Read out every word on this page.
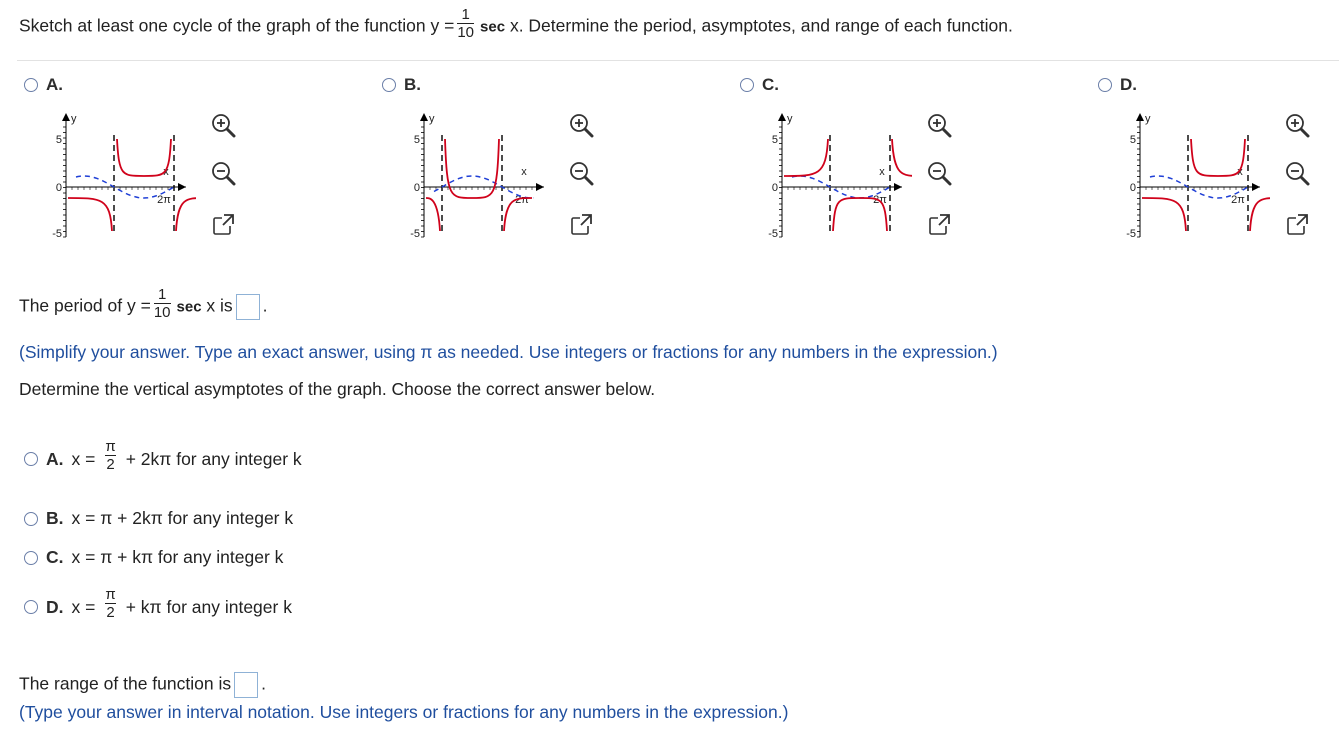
Sketch at least one cycle of the graph of the function $y = \frac{1}{10}$ sec x. Determine the period, asymptotes, and range of each function.
A.
y
5
0
-5
x
2π
B.
y
5
0
-5
x
2π
C.
y
5
0
-5
x
2π
D.
y
5
0
-5
x
2π
The period of $y = \frac{1}{10}$ sec x is .
(Simplify your answer. Type an exact answer, using π as needed. Use integers or fractions for any numbers in the expression.)
Determine the vertical asymptotes of the graph. Choose the correct answer below.
A. $x = \frac{\pi}{2} + 2k\pi$ for any integer k
B. x = π + 2kπ for any integer k
C. x = π + kπ for any integer k
D. $x = \frac{\pi}{2} + k\pi$ for any integer k
The range of the function is .
(Type your answer in interval notation. Use integers or fractions for any numbers in the expression.)
